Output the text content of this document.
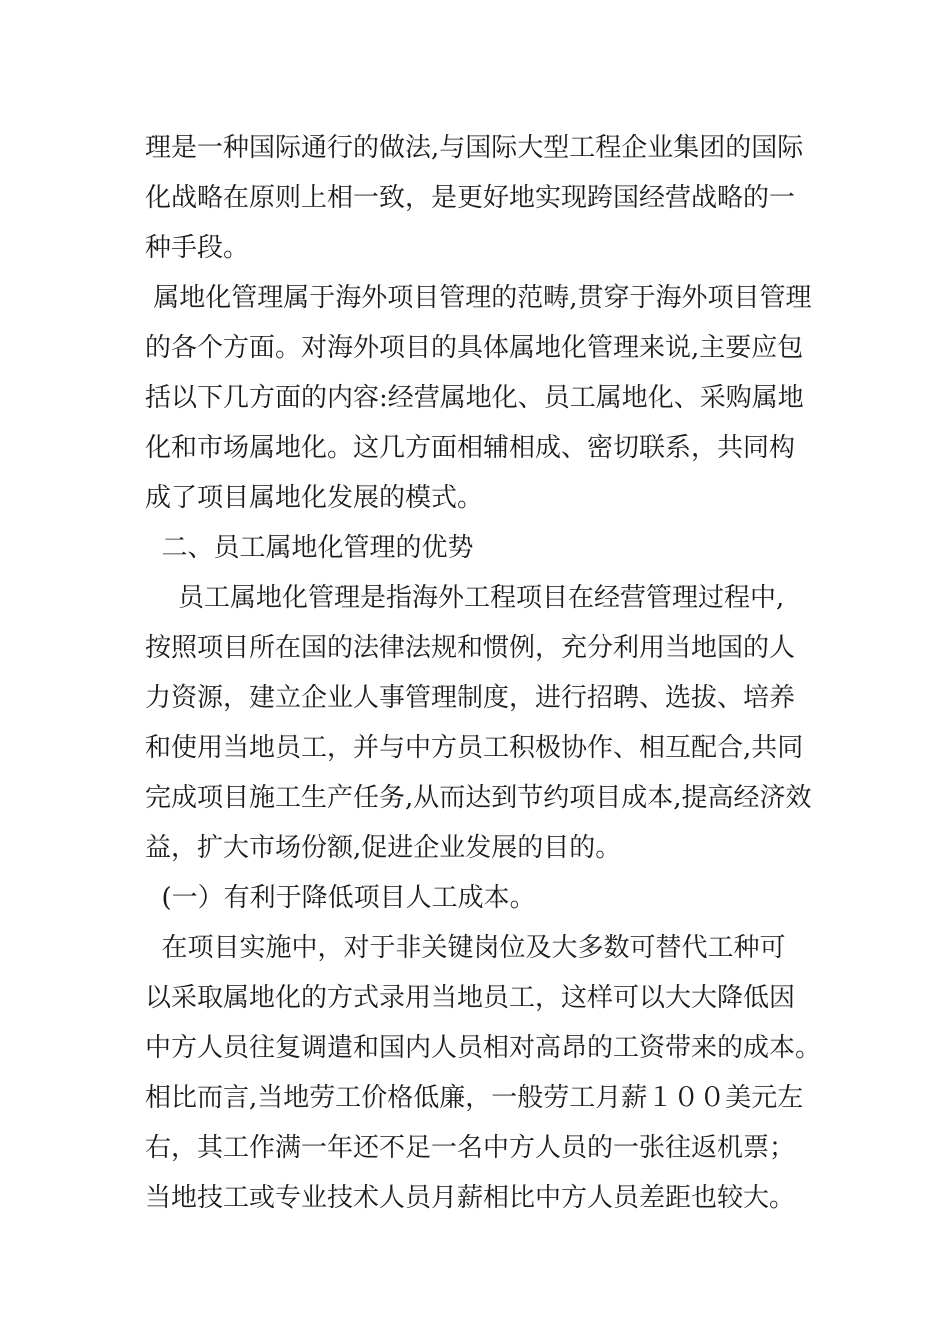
理是一种国际通行的做法,与国际大型工程企业集团的国际
化战略在原则上相一致，是更好地实现跨国经营战略的一
种手段。
属地化管理属于海外项目管理的范畴,贯穿于海外项目管理
的各个方面。对海外项目的具体属地化管理来说,主要应包
括以下几方面的内容:经营属地化、员工属地化、采购属地
化和市场属地化。这几方面相辅相成、密切联系，共同构
成了项目属地化发展的模式。
二、员工属地化管理的优势
员工属地化管理是指海外工程项目在经营管理过程中,
按照项目所在国的法律法规和惯例，充分利用当地国的人
力资源，建立企业人事管理制度，进行招聘、选拔、培养
和使用当地员工，并与中方员工积极协作、相互配合,共同
完成项目施工生产任务,从而达到节约项目成本,提高经济效
益，扩大市场份额,促进企业发展的目的。
(一）有利于降低项目人工成本。
在项目实施中，对于非关键岗位及大多数可替代工种可
以采取属地化的方式录用当地员工，这样可以大大降低因
中方人员往复调遣和国内人员相对高昂的工资带来的成本。
相比而言,当地劳工价格低廉，一般劳工月薪１００美元左
右，其工作满一年还不足一名中方人员的一张往返机票；
当地技工或专业技术人员月薪相比中方人员差距也较大。
